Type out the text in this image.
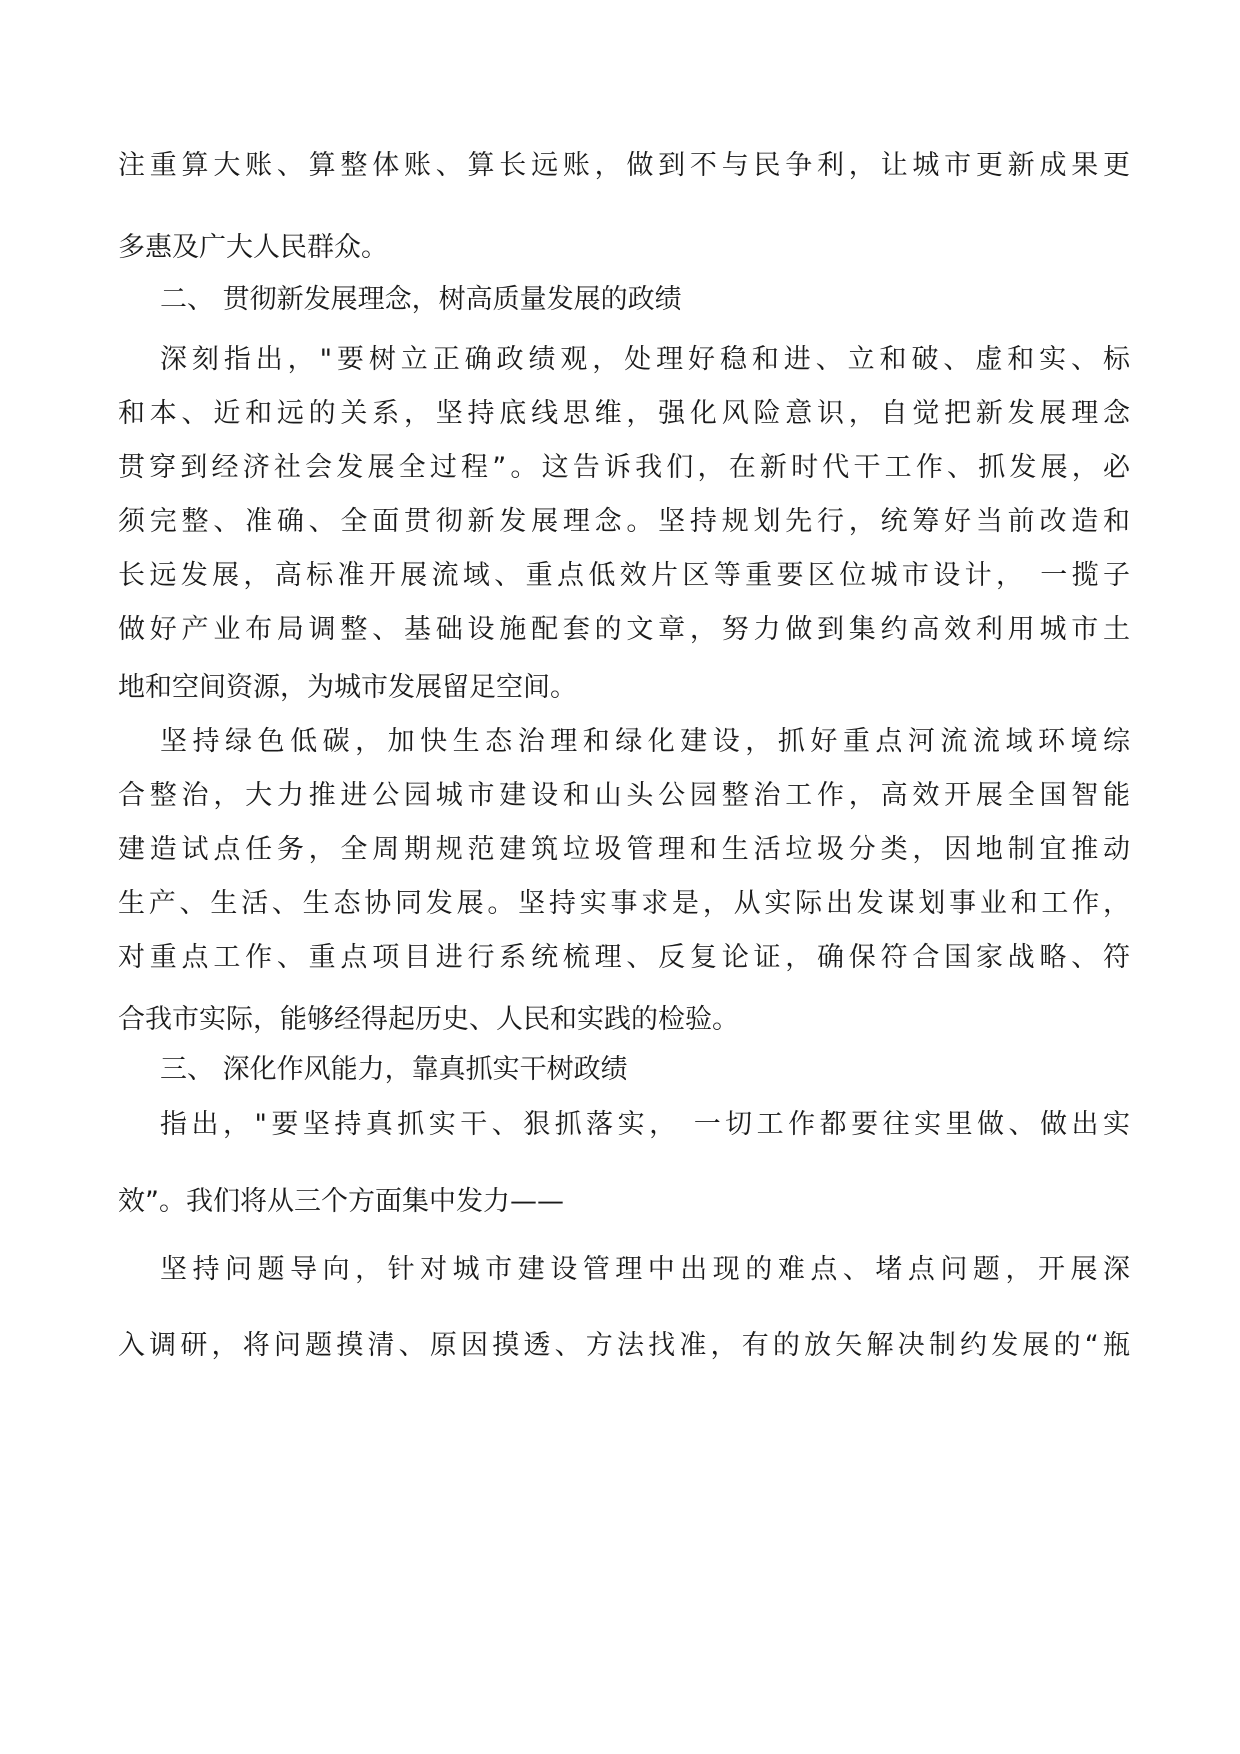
注重算大账、算整体账、算长远账，做到不与民争利，让城市更新成果更
多惠及广大人民群众。
二、 贯彻新发展理念，树高质量发展的政绩
深刻指出，"要树立正确政绩观，处理好稳和进、立和破、虚和实、标
和本、近和远的关系，坚持底线思维，强化风险意识，自觉把新发展理念
贯穿到经济社会发展全过程”。这告诉我们，在新时代干工作、抓发展，必
须完整、准确、全面贯彻新发展理念。坚持规划先行，统筹好当前改造和
长远发展，高标准开展流域、重点低效片区等重要区位城市设计， 一揽子
做好产业布局调整、基础设施配套的文章，努力做到集约高效利用城市土
地和空间资源，为城市发展留足空间。
坚持绿色低碳，加快生态治理和绿化建设，抓好重点河流流域环境综
合整治，大力推进公园城市建设和山头公园整治工作，高效开展全国智能
建造试点任务，全周期规范建筑垃圾管理和生活垃圾分类，因地制宜推动
生产、生活、生态协同发展。坚持实事求是，从实际出发谋划事业和工作，
对重点工作、重点项目进行系统梳理、反复论证，确保符合国家战略、符
合我市实际，能够经得起历史、人民和实践的检验。
三、 深化作风能力，靠真抓实干树政绩
指出，"要坚持真抓实干、狠抓落实， 一切工作都要往实里做、做出实
效”。我们将从三个方面集中发力——
坚持问题导向，针对城市建设管理中出现的难点、堵点问题，开展深
入调研，将问题摸清、原因摸透、方法找准，有的放矢解决制约发展的“瓶
